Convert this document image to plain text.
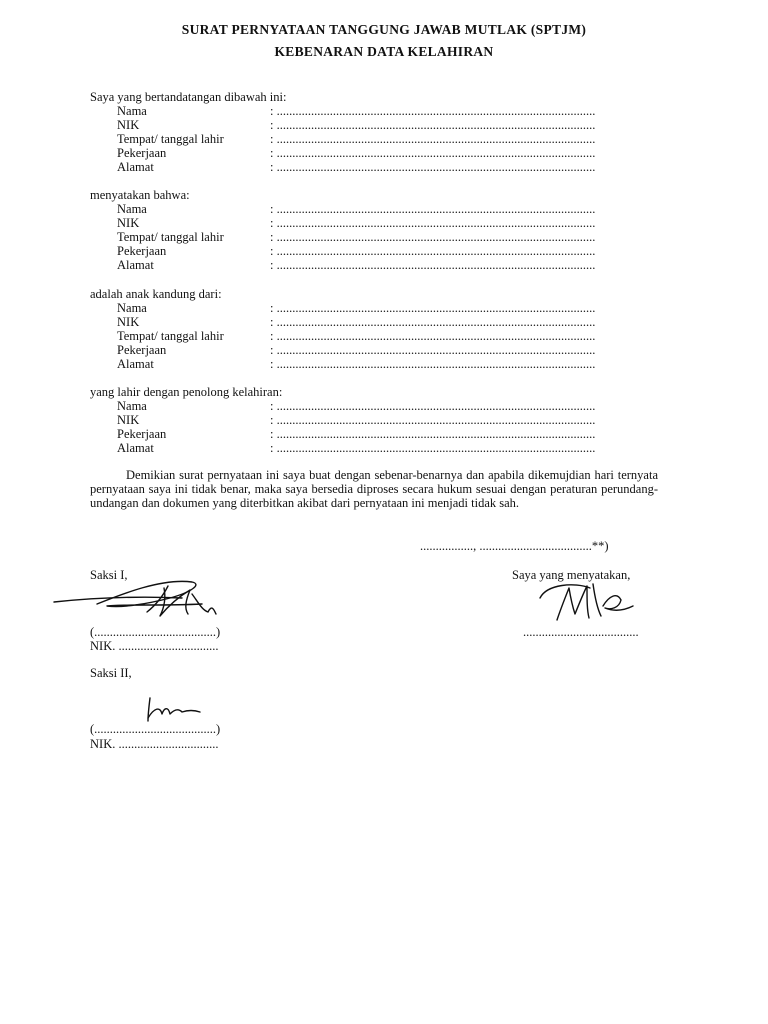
SURAT PERNYATAAN TANGGUNG JAWAB MUTLAK (SPTJM)
KEBENARAN DATA KELAHIRAN
Saya yang bertandatangan dibawah ini:
Nama	: ......................................................................................................
NIK	: ......................................................................................................
Tempat/ tanggal lahir	: ......................................................................................................
Pekerjaan	: ......................................................................................................
Alamat	: ......................................................................................................
menyatakan bahwa:
Nama	: ......................................................................................................
NIK	: ......................................................................................................
Tempat/ tanggal lahir	: ......................................................................................................
Pekerjaan	: ......................................................................................................
Alamat	: ......................................................................................................
adalah anak kandung dari:
Nama	: ......................................................................................................
NIK	: ......................................................................................................
Tempat/ tanggal lahir	: ......................................................................................................
Pekerjaan	: ......................................................................................................
Alamat	: ......................................................................................................
yang lahir dengan penolong kelahiran:
Nama	: ......................................................................................................
NIK	: ......................................................................................................
Pekerjaan	: ......................................................................................................
Alamat	: ......................................................................................................
Demikian surat pernyataan ini saya buat dengan sebenar-benarnya dan apabila dikemujdian hari ternyata pernyataan saya ini tidak benar, maka saya bersedia diproses secara hukum sesuai dengan peraturan perundang-undangan dan dokumen yang diterbitkan akibat dari pernyataan ini menjadi tidak sah.
................., ....................................**)
Saksi I,
(.......................................)
NIK. ................................
Saya yang menyatakan,
.....................................
Saksi II,
(.......................................)
NIK. ................................
